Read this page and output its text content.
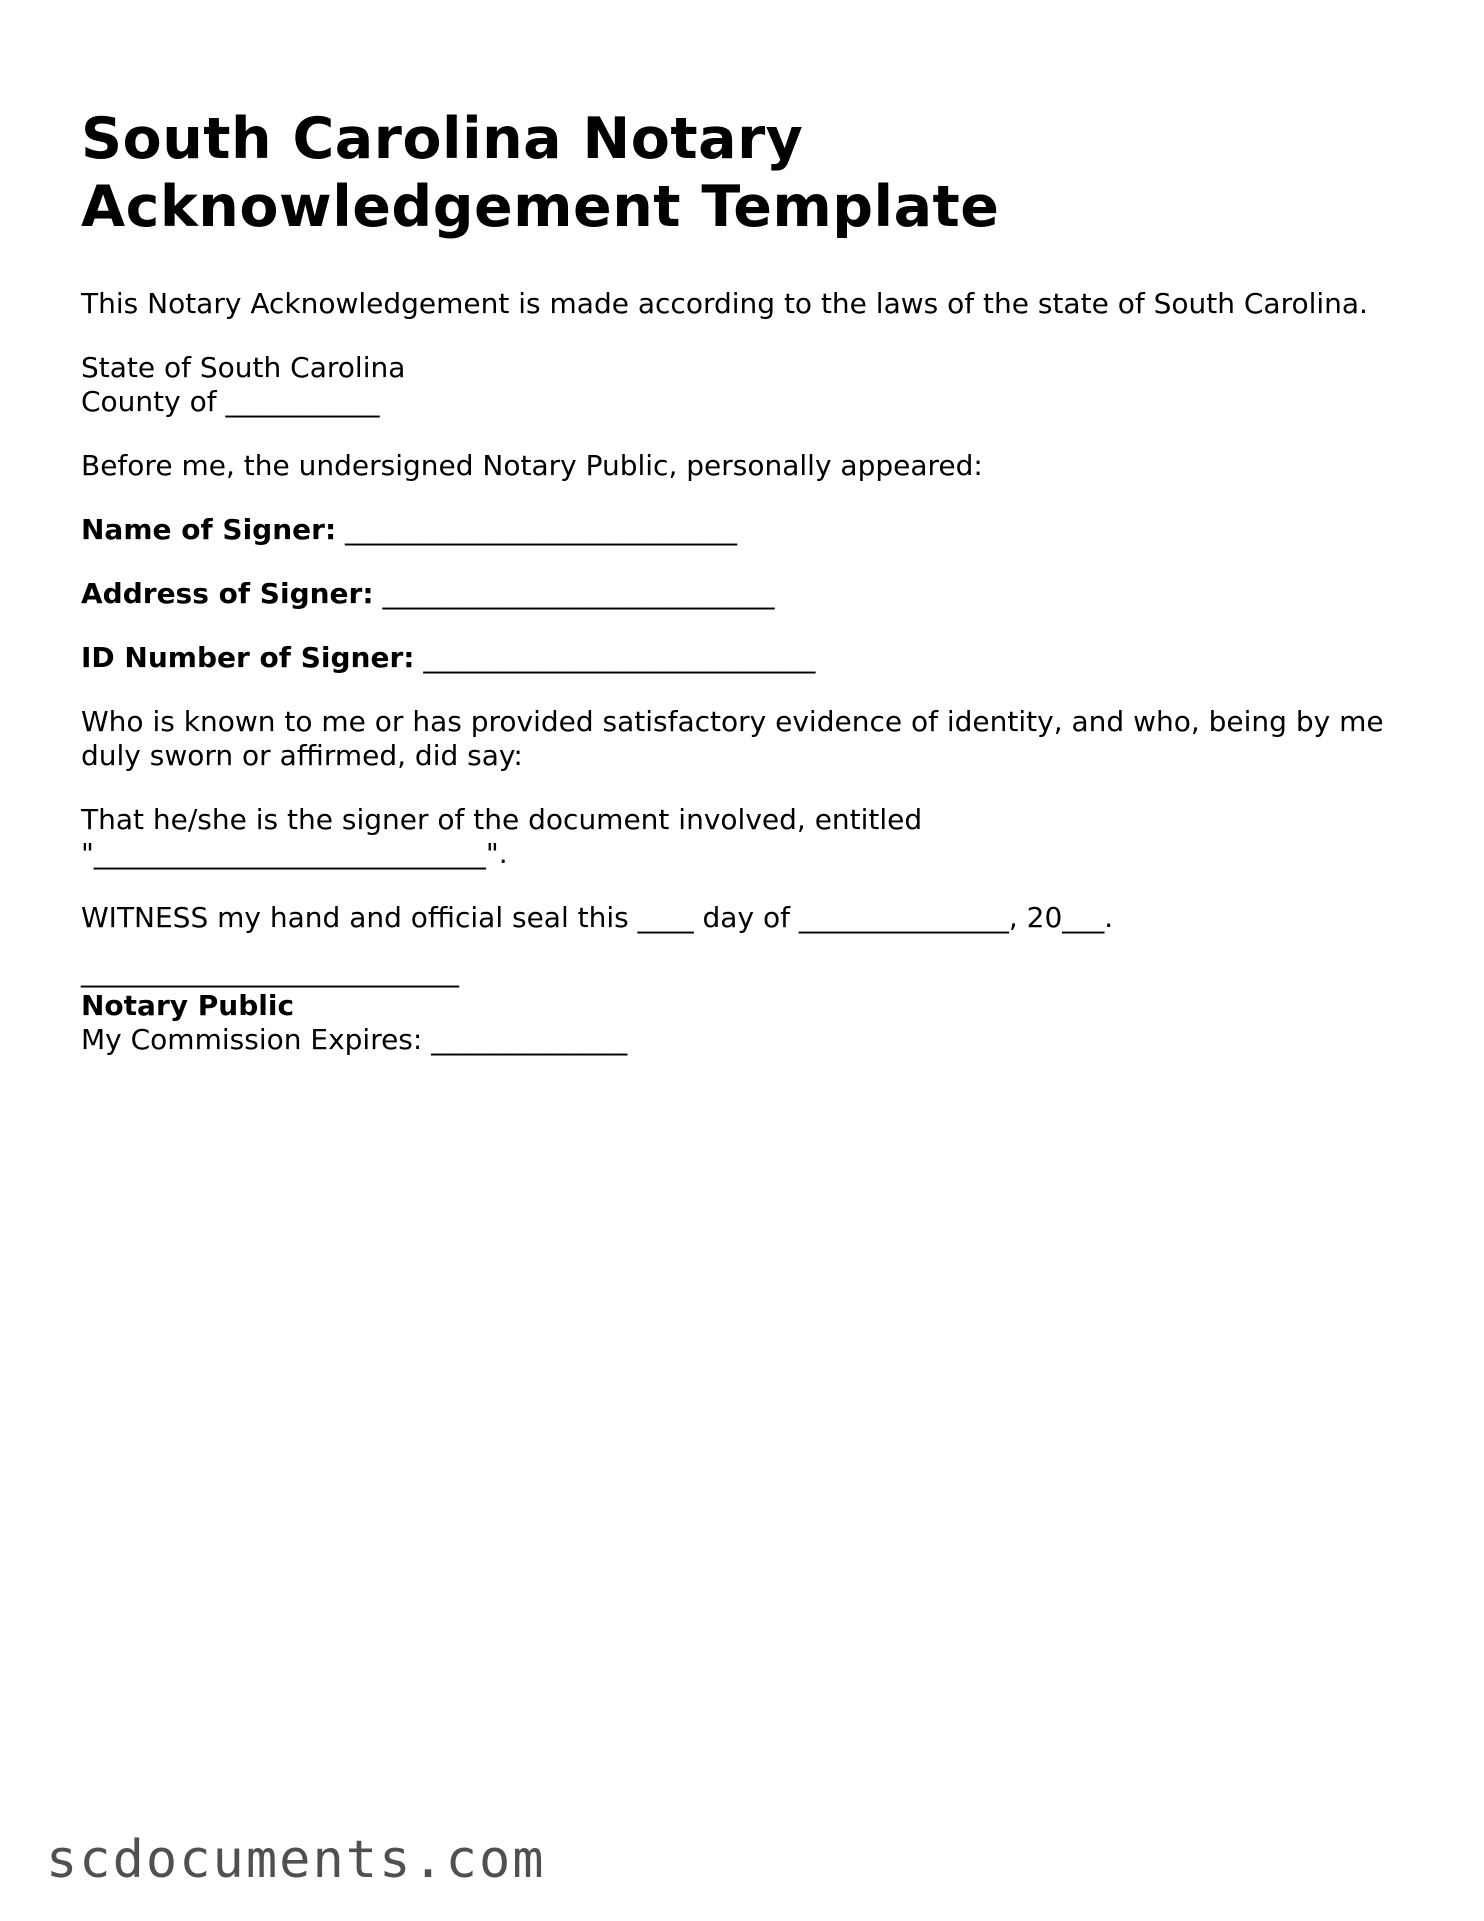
South Carolina Notary
Acknowledgement Template

This Notary Acknowledgement is made according to the laws of the state of South Carolina.

State of South Carolina
County of ___________

Before me, the undersigned Notary Public, personally appeared:

Name of Signer: ____________________________

Address of Signer: ____________________________

ID Number of Signer: ____________________________

Who is known to me or has provided satisfactory evidence of identity, and who, being by me duly sworn or affirmed, did say:

That he/she is the signer of the document involved, entitled
"____________________________".

WITNESS my hand and official seal this ____ day of _______________, 20___.

___________________________
Notary Public
My Commission Expires: ______________

scdocuments.com
